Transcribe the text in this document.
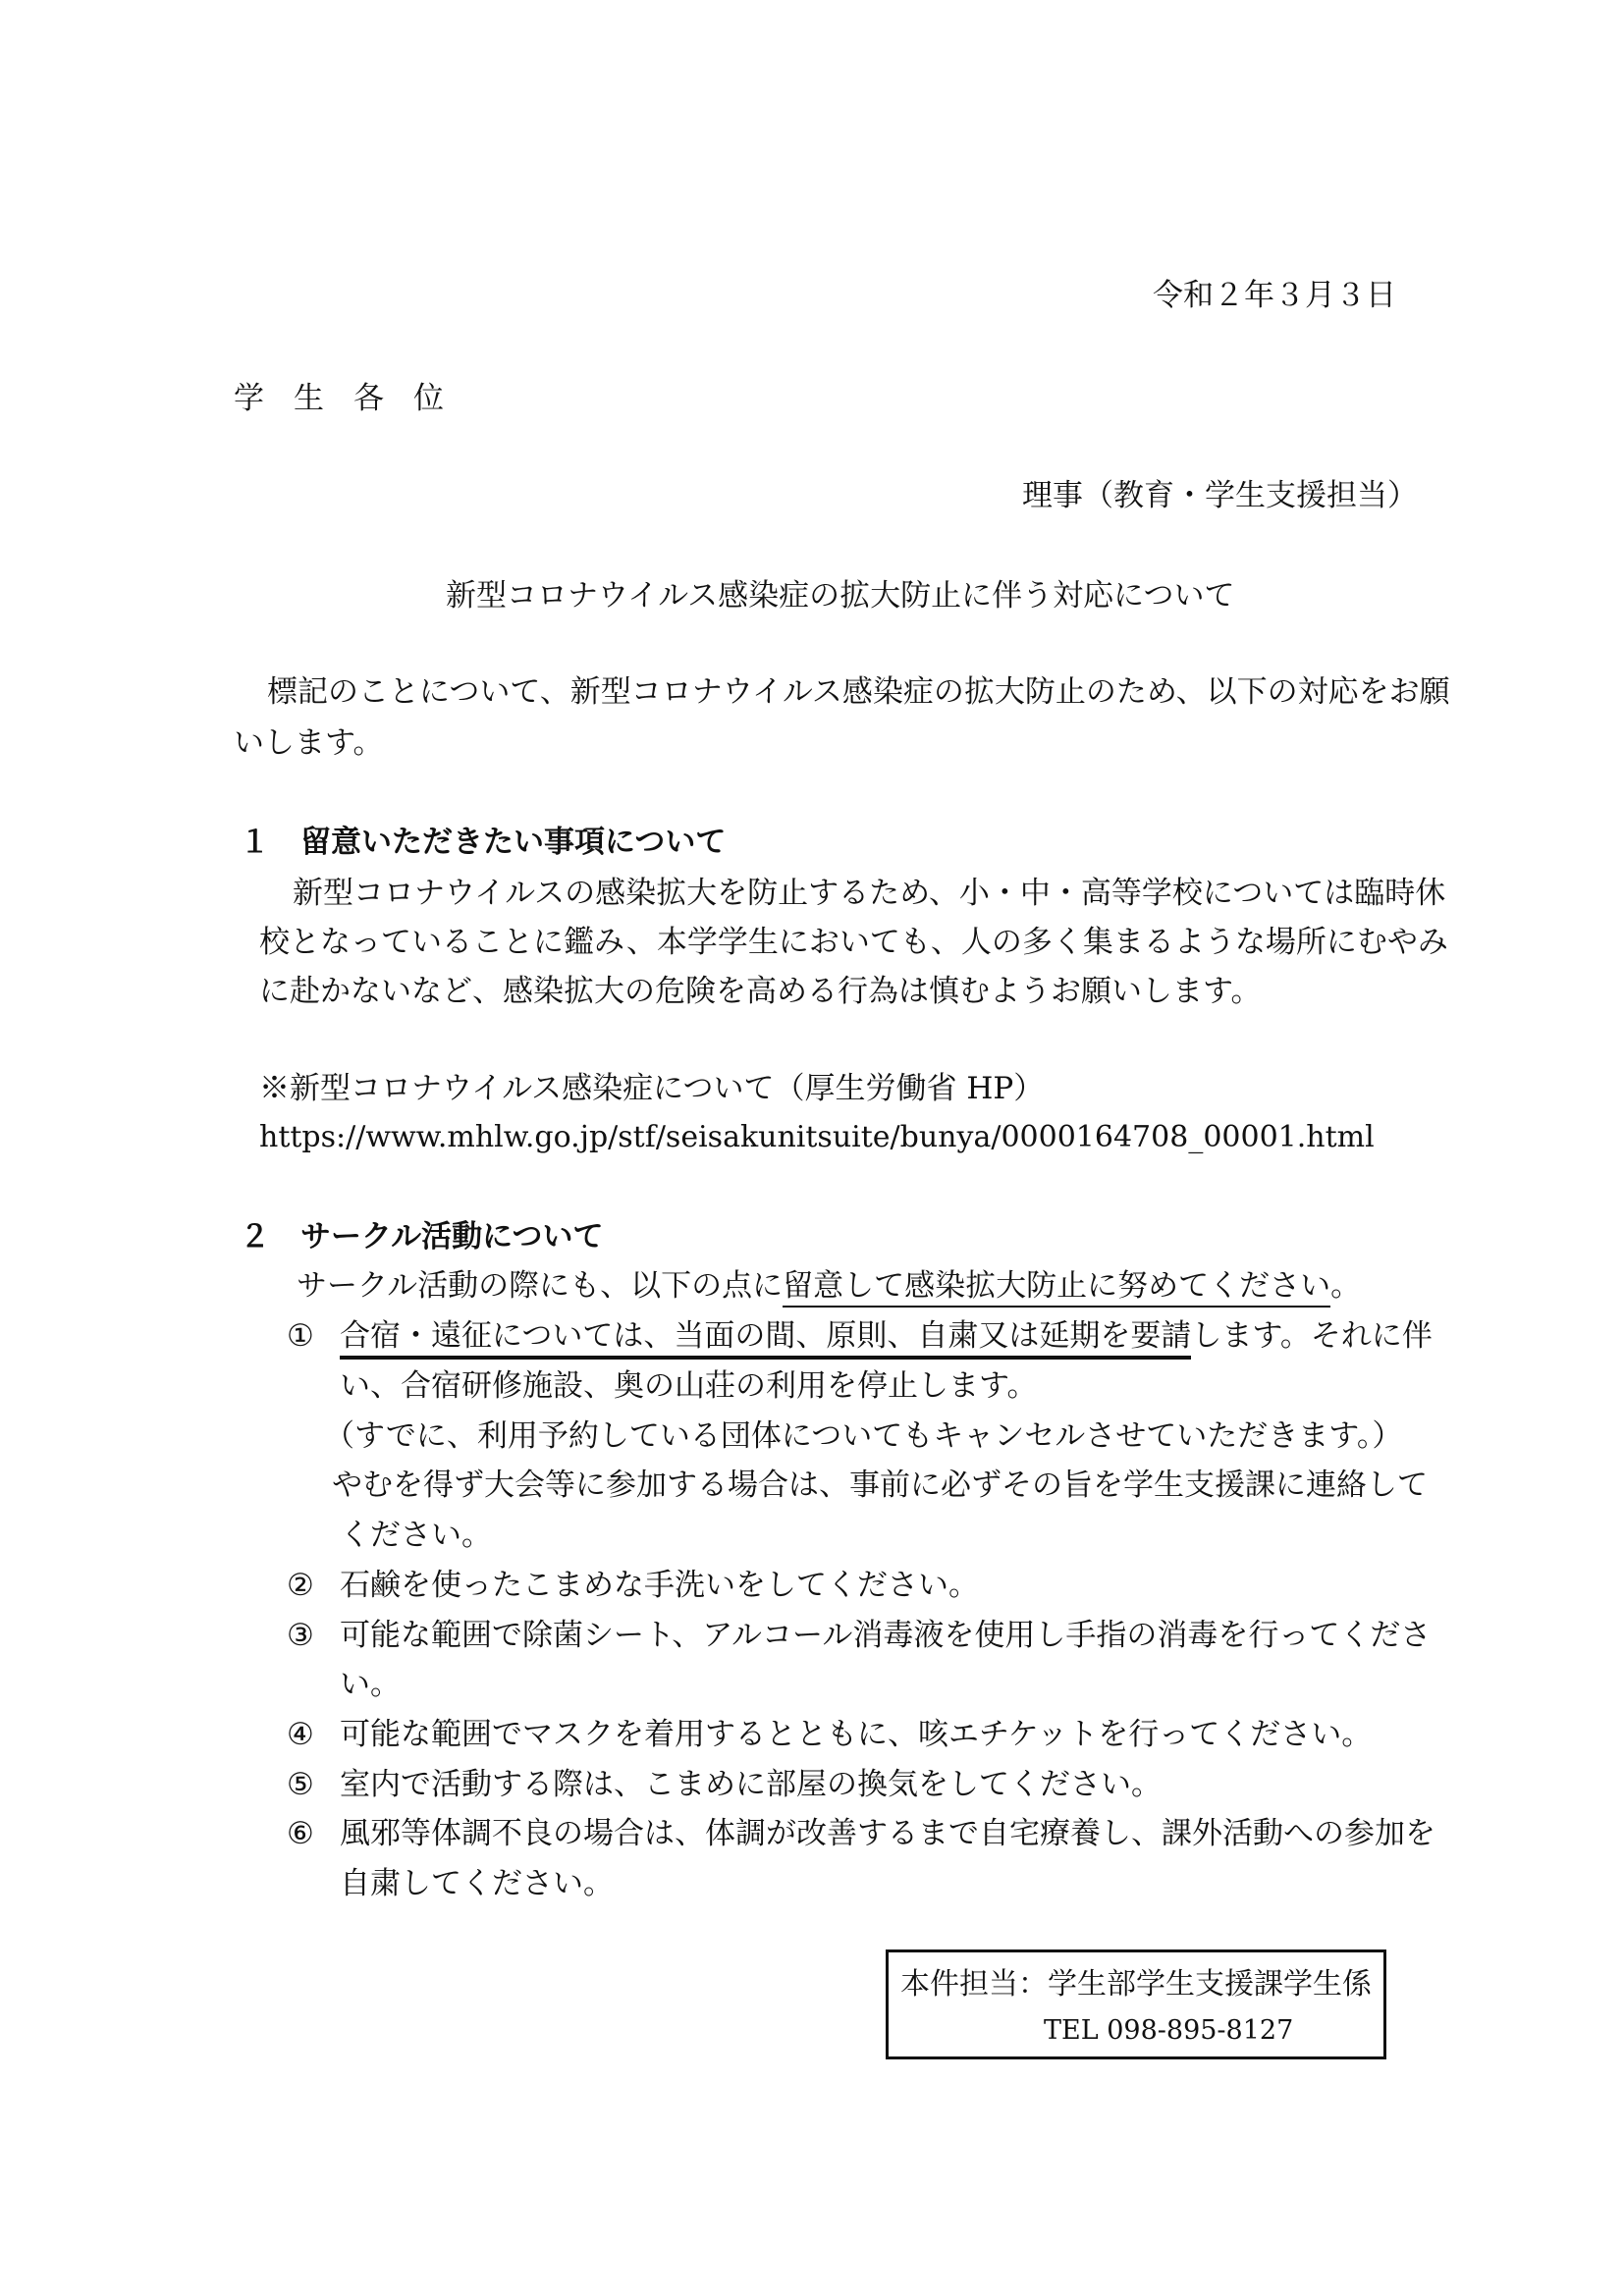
令和２年３月３日
学生各位
理事（教育・学生支援担当）
新型コロナウイルス感染症の拡大防止に伴う対応について
標記のことについて、新型コロナウイルス感染症の拡大防止のため、以下の対応をお願
いします。
１　留意いただきたい事項について
新型コロナウイルスの感染拡大を防止するため、小・中・高等学校については臨時休
校となっていることに鑑み、本学学生においても、人の多く集まるような場所にむやみ
に赴かないなど、感染拡大の危険を高める行為は慎むようお願いします。
※新型コロナウイルス感染症について（厚生労働省 HP）
https://www.mhlw.go.jp/stf/seisakunitsuite/bunya/0000164708_00001.html
２　サークル活動について
サークル活動の際にも、以下の点に留意して感染拡大防止に努めてください。
① 合宿・遠征については、当面の間、原則、自粛又は延期を要請します。それに伴
い、合宿研修施設、奥の山荘の利用を停止します。
（すでに、利用予約している団体についてもキャンセルさせていただきます。）
やむを得ず大会等に参加する場合は、事前に必ずその旨を学生支援課に連絡して
ください。
② 石鹸を使ったこまめな手洗いをしてください。
③ 可能な範囲で除菌シート、アルコール消毒液を使用し手指の消毒を行ってくださ
い。
④ 可能な範囲でマスクを着用するとともに、咳エチケットを行ってください。
⑤ 室内で活動する際は、こまめに部屋の換気をしてください。
⑥ 風邪等体調不良の場合は、体調が改善するまで自宅療養し、課外活動への参加を
自粛してください。
本件担当：学生部学生支援課学生係
TEL 098-895-8127
